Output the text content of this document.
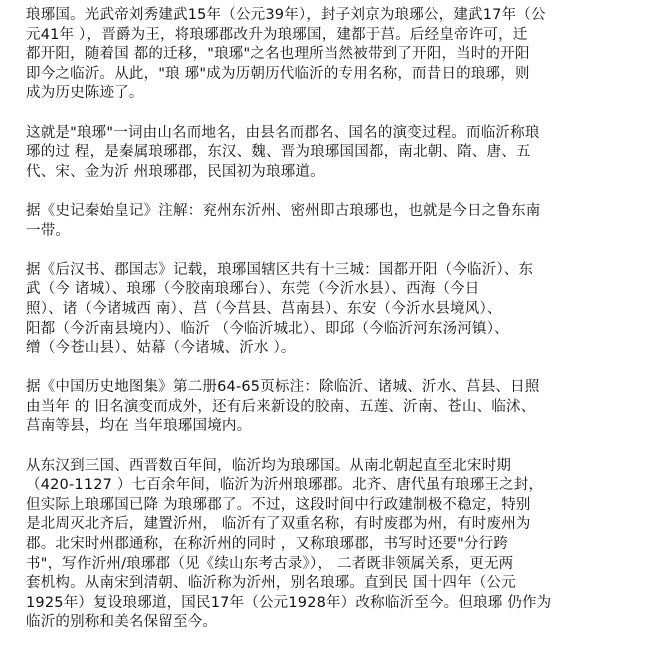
琅琊国。光武帝刘秀建武15年（公元39年），封子刘京为琅琊公，建武17年（公
元41年 ），晋爵为王，将琅琊郡改升为琅琊国，建都于莒。后经皇帝许可，迁
都开阳，随着国 都的迁移，"琅琊"之名也理所当然被带到了开阳，当时的开阳
即今之临沂。从此，"琅 琊"成为历朝历代临沂的专用名称，而昔日的琅琊，则
成为历史陈迹了。
这就是"琅琊"一词由山名而地名，由县名而郡名、国名的演变过程。而临沂称琅
琊的过 程，是秦属琅琊郡，东汉、魏、晋为琅琊国国都，南北朝、隋、唐、五
代、宋、金为沂 州琅琊郡，民国初为琅琊道。
据《史记秦始皇记》注解：兖州东沂州、密州即古琅琊也，也就是今日之鲁东南
一带。
据《后汉书、郡国志》记载，琅琊国辖区共有十三城：国都开阳（今临沂）、东
武（今 诸城）、琅琊（今胶南琅琊台）、东莞（今沂水县）、西海（今日
照）、诸（今诸城西 南）、莒（今莒县、莒南县）、东安（今沂水县境风）、
阳都（今沂南县境内）、临沂 （今临沂城北）、即邱（今临沂河东汤河镇）、
缯（今苍山县）、姑幕（今诸城、沂水 ）。
据《中国历史地图集》第二册64-65页标注：除临沂、诸城、沂水、莒县、日照
由当年 的 旧名演变而成外，还有后来新设的胶南、五莲、沂南、苍山、临沭、
莒南等县，均在 当年琅琊国境内。
从东汉到三国、西晋数百年间，临沂均为琅琊国。从南北朝起直至北宋时期
（420-1127 ）七百余年间，临沂为沂州琅琊郡。北齐、唐代虽有琅琊王之封，
但实际上琅琊国已降 为琅琊郡了。不过，这段时间中行政建制极不稳定，特别
是北周灭北齐后，建置沂州， 临沂有了双重名称，有时废郡为州，有时废州为
郡。北宋时州郡通称，在称沂州的同时 ，又称琅琊郡，书写时还要"分行跨
书"，写作沂州/琅琊郡（见《续山东考古录》）， 二者既非领属关系，更无两
套机构。从南宋到清朝、临沂称为沂州，别名琅琊。直到民 国十四年（公元
1925年）复设琅琊道，国民17年（公元1928年）改称临沂至今。但琅琊 仍作为
临沂的别称和美名保留至今。
